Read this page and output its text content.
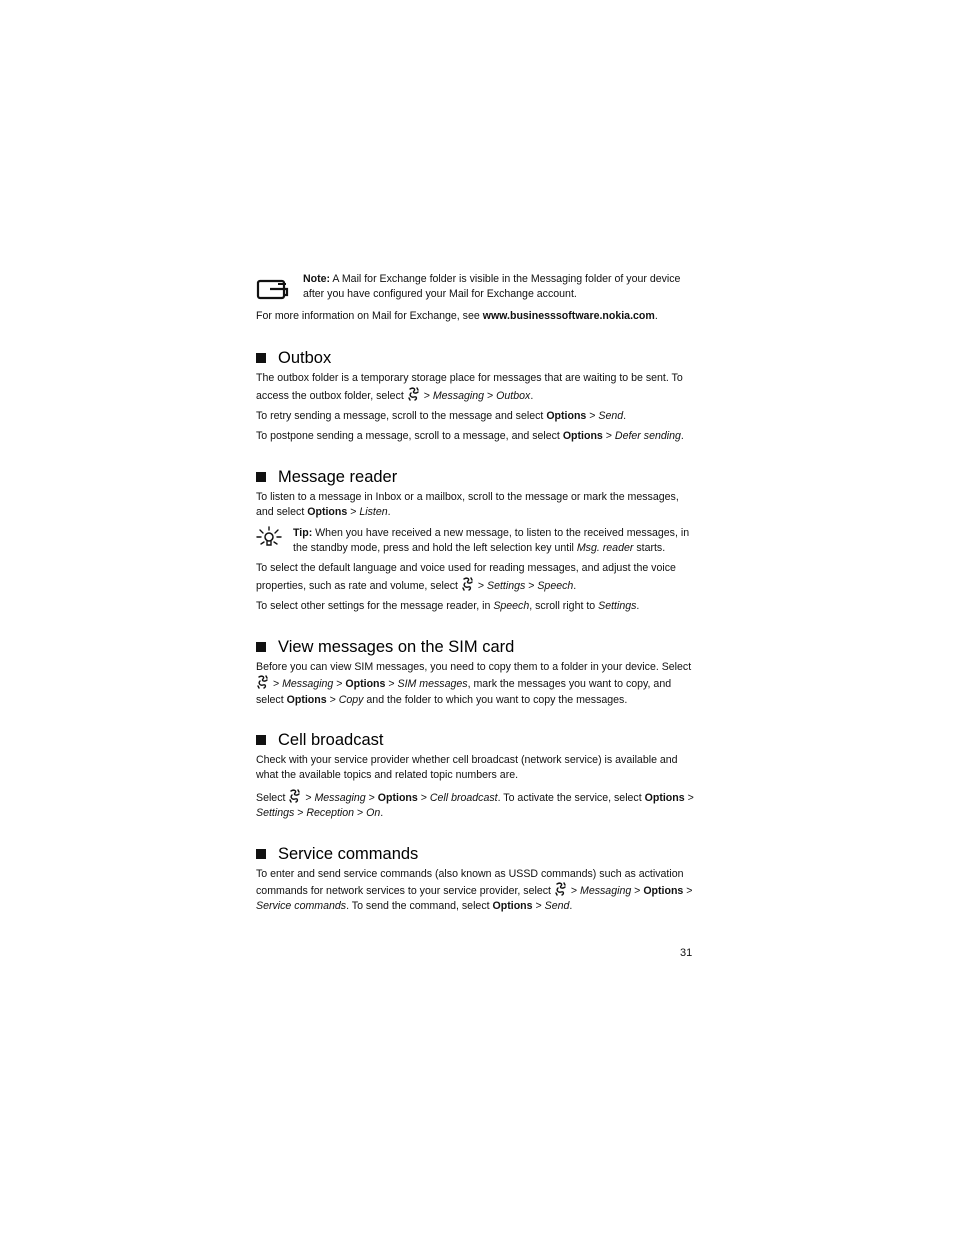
Note: A Mail for Exchange folder is visible in the Messaging folder of your device after you have configured your Mail for Exchange account.

For more information on Mail for Exchange, see www.businesssoftware.nokia.com.

Outbox

The outbox folder is a temporary storage place for messages that are waiting to be sent. To access the outbox folder, select  > Messaging > Outbox.

To retry sending a message, scroll to the message and select Options > Send.

To postpone sending a message, scroll to a message, and select Options > Defer sending.

Message reader

To listen to a message in Inbox or a mailbox, scroll to the message or mark the messages, and select Options > Listen.

Tip: When you have received a new message, to listen to the received messages, in the standby mode, press and hold the left selection key until Msg. reader starts.

To select the default language and voice used for reading messages, and adjust the voice properties, such as rate and volume, select  > Settings > Speech.

To select other settings for the message reader, in Speech, scroll right to Settings.

View messages on the SIM card

Before you can view SIM messages, you need to copy them to a folder in your device. Select  > Messaging > Options > SIM messages, mark the messages you want to copy, and select Options > Copy and the folder to which you want to copy the messages.

Cell broadcast

Check with your service provider whether cell broadcast (network service) is available and what the available topics and related topic numbers are.

Select  > Messaging > Options > Cell broadcast. To activate the service, select Options > Settings > Reception > On.

Service commands

To enter and send service commands (also known as USSD commands) such as activation commands for network services to your service provider, select  > Messaging > Options > Service commands. To send the command, select Options > Send.

31
